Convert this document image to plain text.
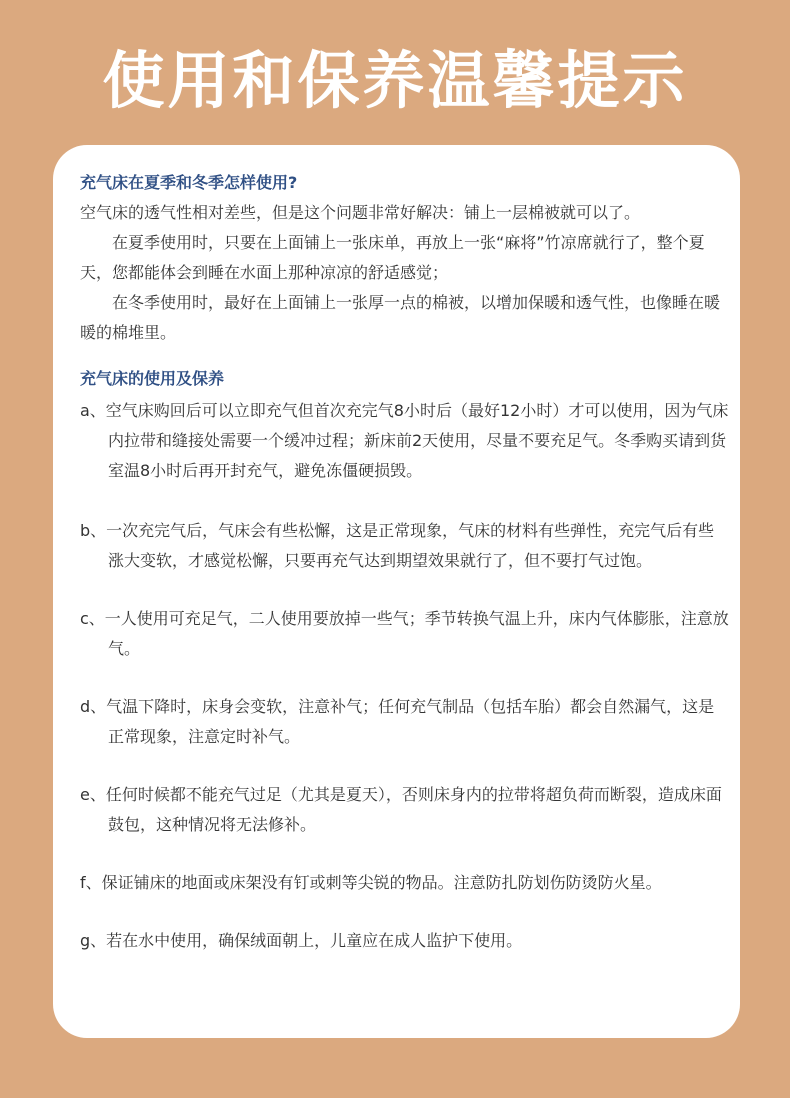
使用和保养温馨提示
充气床在夏季和冬季怎样使用?
空气床的透气性相对差些，但是这个问题非常好解决：铺上一层棉被就可以了。
在夏季使用时，只要在上面铺上一张床单，再放上一张“麻将”竹凉席就行了，整个夏天，您都能体会到睡在水面上那种凉凉的舒适感觉；
在冬季使用时，最好在上面铺上一张厚一点的棉被，以增加保暖和透气性，也像睡在暖暖的棉堆里。
充气床的使用及保养
a、空气床购回后可以立即充气但首次充完气8小时后（最好12小时）才可以使用，因为气床内拉带和缝接处需要一个缓冲过程；新床前2天使用，尽量不要充足气。冬季购买请到货室温8小时后再开封充气，避免冻僵硬损毁。
b、一次充完气后，气床会有些松懈，这是正常现象，气床的材料有些弹性，充完气后有些涨大变软，才感觉松懈，只要再充气达到期望效果就行了，但不要打气过饱。
c、一人使用可充足气，二人使用要放掉一些气；季节转换气温上升，床内气体膨胀，注意放气。
d、气温下降时，床身会变软，注意补气；任何充气制品（包括车胎）都会自然漏气，这是正常现象，注意定时补气。
e、任何时候都不能充气过足（尤其是夏天），否则床身内的拉带将超负荷而断裂，造成床面鼓包，这种情况将无法修补。
f、保证铺床的地面或床架没有钉或刺等尖锐的物品。注意防扎防划伤防烫防火星。
g、若在水中使用，确保绒面朝上，儿童应在成人监护下使用。
